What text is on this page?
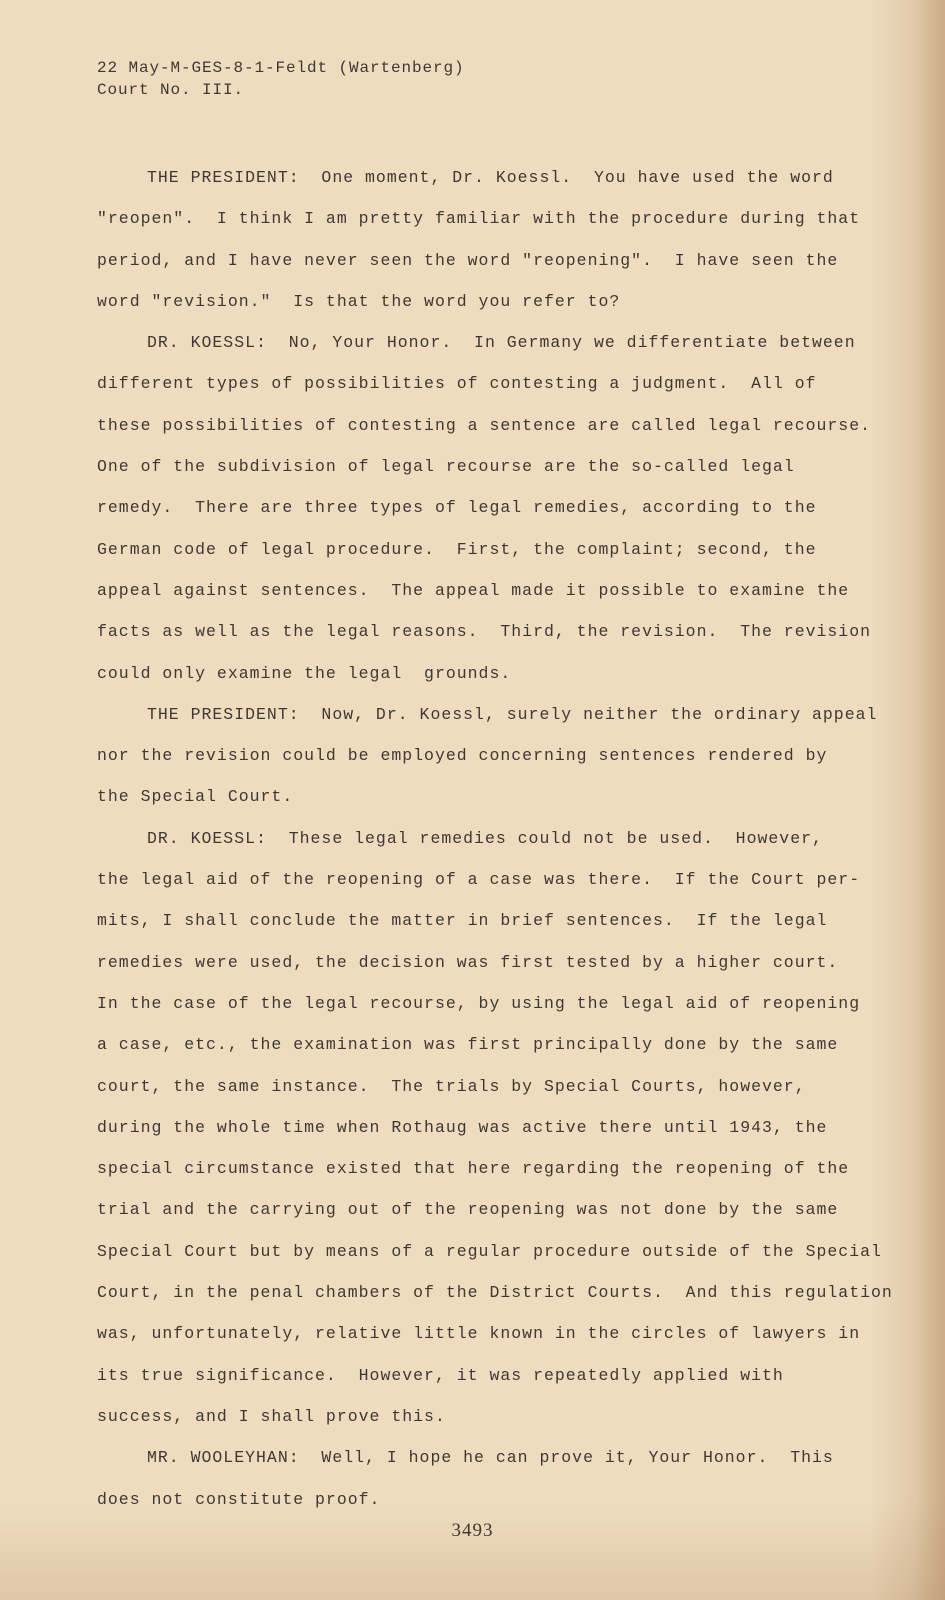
22 May-M-GES-8-1-Feldt (Wartenberg)
Court No. III.
THE PRESIDENT:  One moment, Dr. Koessl.  You have used the word
"reopen".  I think I am pretty familiar with the procedure during that
period, and I have never seen the word "reopening".  I have seen the
word "revision."  Is that the word you refer to?
DR. KOESSL:  No, Your Honor.  In Germany we differentiate between
different types of possibilities of contesting a judgment.  All of
these possibilities of contesting a sentence are called legal recourse.
One of the subdivision of legal recourse are the so-called legal
remedy.  There are three types of legal remedies, according to the
German code of legal procedure.  First, the complaint; second, the
appeal against sentences.  The appeal made it possible to examine the
facts as well as the legal reasons.  Third, the revision.  The revision
could only examine the legal  grounds.
THE PRESIDENT:  Now, Dr. Koessl, surely neither the ordinary appeal
nor the revision could be employed concerning sentences rendered by
the Special Court.
DR. KOESSL:  These legal remedies could not be used.  However,
the legal aid of the reopening of a case was there.  If the Court per-
mits, I shall conclude the matter in brief sentences.  If the legal
remedies were used, the decision was first tested by a higher court.
In the case of the legal recourse, by using the legal aid of reopening
a case, etc., the examination was first principally done by the same
court, the same instance.  The trials by Special Courts, however,
during the whole time when Rothaug was active there until 1943, the
special circumstance existed that here regarding the reopening of the
trial and the carrying out of the reopening was not done by the same
Special Court but by means of a regular procedure outside of the Special
Court, in the penal chambers of the District Courts.  And this regulation
was, unfortunately, relative little known in the circles of lawyers in
its true significance.  However, it was repeatedly applied with
success, and I shall prove this.
MR. WOOLEYHAN:  Well, I hope he can prove it, Your Honor.  This
does not constitute proof.
3493
